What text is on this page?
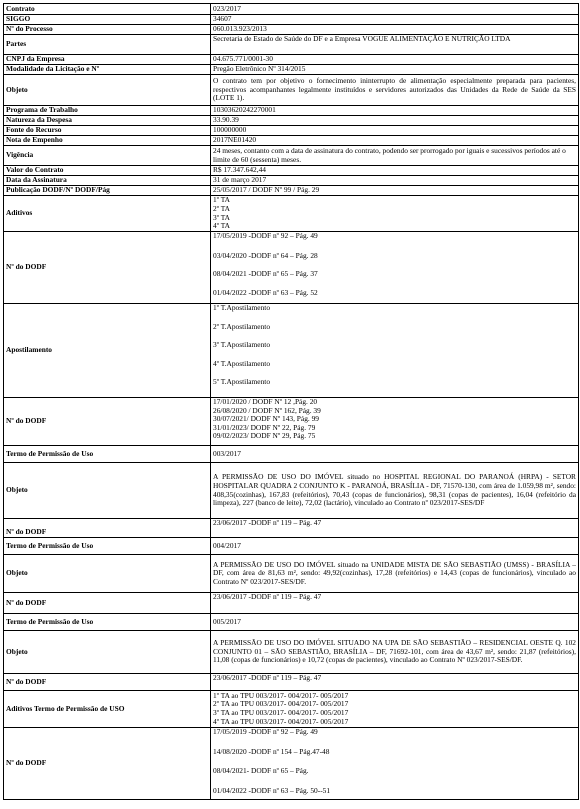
Contrato	023/2017
SIGGO	34607
Nº do Processo	060.013.923/2013
Partes	Secretaria de Estado de Saúde do DF e a Empresa VOGUE ALIMENTAÇÃO E NUTRIÇÃO LTDA
CNPJ da Empresa	04.675.771/0001-30
Modalidade da Licitação e Nº	Pregão Eletrônico Nº 314/2015
Objeto	O contrato tem por objetivo o fornecimento ininterrupto de alimentação especialmente preparada para pacientes, respectivos acompanhantes legalmente instituídos e servidores autorizados das Unidades da Rede de Saúde da SES (LOTE 1).
Programa de Trabalho	10303620242270001
Natureza da Despesa	33.90.39
Fonte do Recurso	100000000
Nota de Empenho	2017NE01420
Vigência	24 meses, contanto com a data de assinatura do contrato, podendo ser prorrogado por iguais e sucessivos períodos até o limite de 60 (sessenta) meses.
Valor do Contrato	R$ 17.347.642,44
Data da Assinatura	31 de março 2017
Publicação DODF/Nº DODF/Pág	25/05/2017 / DODF Nº 99 / Pág. 29
Aditivos	1º TA
2º TA
3º TA
4º TA

Nº do DODF	17/05/2019 -DODF nº 92 – Pág. 49
03/04/2020 -DODF nº 64 – Pág. 28
08/04/2021 -DODF nº 65 – Pág. 37
01/04/2022 -DODF nº 63 – Pág. 52

Apostilamento	1º T.Apostilamento
2º T.Apostilamento
3º T.Apostilamento
4º T.Apostilamento
5º T.Apostilamento

Nº do DODF	17/01/2020 / DODF Nº 12 ,Pág. 20
26/08/2020 / DODF Nº 162, Pág. 39
30/07/2021/ DODF Nº 143, Pág. 99
31/01/2023/ DODF Nº 22, Pág. 79
09/02/2023/ DODF Nº 29, Pág. 75

Termo de Permissão de Uso	003/2017
Objeto	A PERMISSÃO DE USO DO IMÓVEL situado no HOSPITAL REGIONAL DO PARANOÁ (HRPA) - SETOR HOSPITALAR QUADRA 2 CONJUNTO K - PARANOÁ, BRASÍLIA - DF, 71570-130, com área de 1.059,98 m², sendo: 408,35(cozinhas), 167,83 (refeitórios), 70,43 (copas de funcionários), 98,31 (copas de pacientes), 16,04 (refeitório da limpeza), 227 (banco de leite), 72,02 (lactário), vinculado ao Contrato nº 023/2017-SES/DF
Nº do DODF	23/06/2017 -DODF nº 119 – Pág. 47
Termo de Permissão de Uso	004/2017
Objeto	A PERMISSÃO DE USO DO IMÓVEL situado na UNIDADE MISTA DE SÃO SEBASTIÃO (UMSS) - BRASÍLIA – DF, com área de 81,63 m², sendo: 49,92(cozinhas), 17,28 (refeitórios) e 14,43 (copas de funcionários), vinculado ao Contrato Nº 023/2017-SES/DF.
Nº do DODF	23/06/2017 -DODF nº 119 – Pág. 47
Termo de Permissão de Uso	005/2017
Objeto	A PERMISSÃO DE USO DO IMÓVEL SITUADO NA UPA DE SÃO SEBASTIÃO – RESIDENCIAL OESTE Q. 102 CONJUNTO 01 – SÃO SEBASTIÃO, BRASÍLIA – DF, 71692-101, com área de 43,67 m², sendo: 21,87 (refeitórios), 11,08 (copas de funcionários) e 10,72 (copas de pacientes), vinculado ao Contrato Nº 023/2017-SES/DF.
Nº do DODF	23/06/2017 -DODF nº 119 – Pág. 47
Aditivos Termo de Permissão de USO	1º TA ao TPU 003/2017- 004/2017- 005/2017
2º TA ao TPU 003/2017- 004/2017- 005/2017
3º TA ao TPU 003/2017- 004/2017- 005/2017
4º TA ao TPU 003/2017- 004/2017- 005/2017

Nº do DODF	17/05/2019 -DODF nº 92 – Pág. 49
14/08/2020 -DODF nº 154 – Pág.47-48
08/04/2021- DODF nº 65 – Pág.
01/04/2022 -DODF nº 63 – Pág. 50--51
